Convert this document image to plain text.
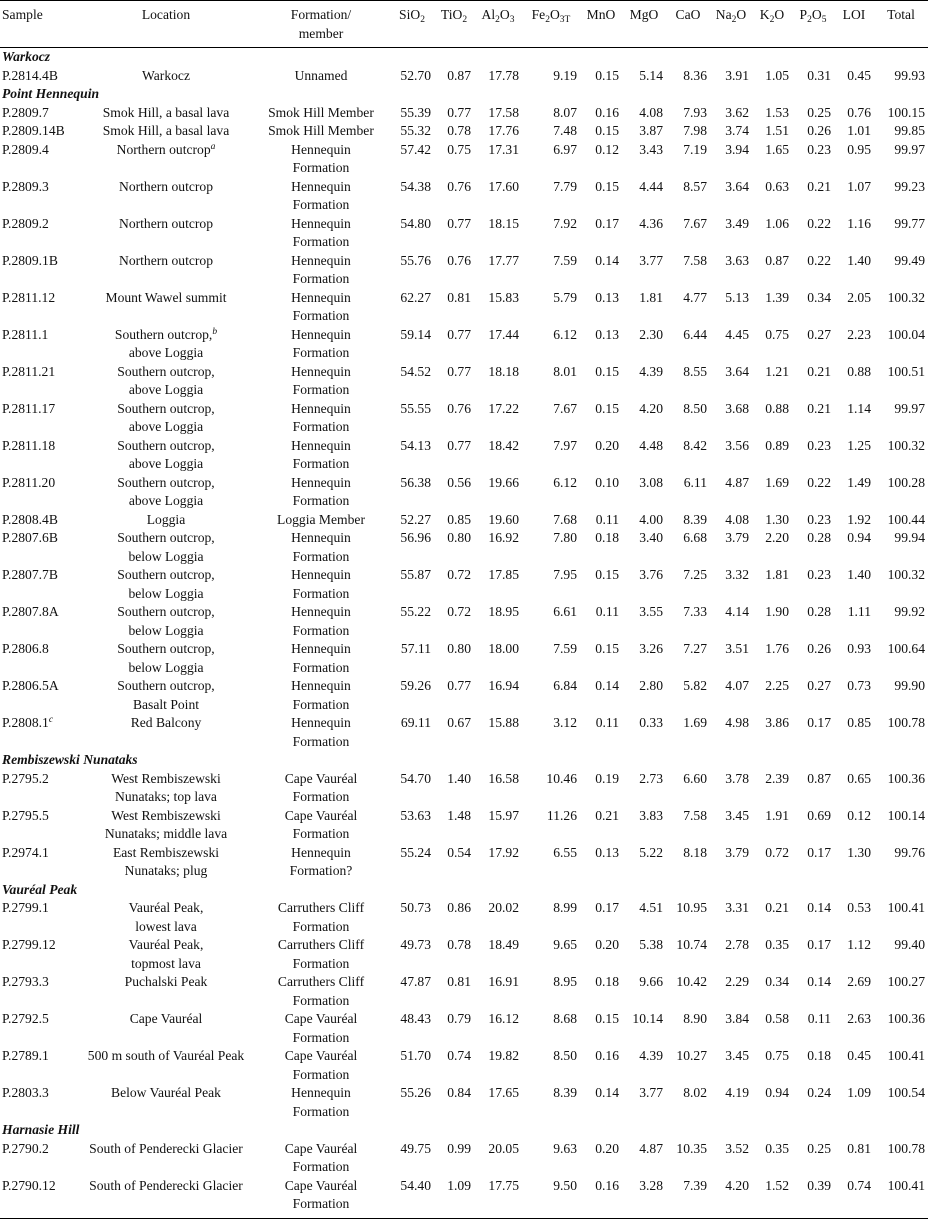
Sample	Location	Formation/
member	SiO$_2$	TiO$_2$	$Al_2O_3$	$Fe_2O_{3T}$	MnO	MgO	CaO	$Na_2O$	$K_2O$	$P_2O_5$	LOI	Total
Warkocz														
P.2814.4B	Warkocz	Unnamed	52.70	0.87	17.78	9.19	0.15	5.14	8.36	3.91	1.05	0.31	0.45	99.93
Point Hennequin														
P.2809.7	Smok Hill, a basal lava	Smok Hill Member	55.39	0.77	17.58	8.07	0.16	4.08	7.93	3.62	1.53	0.25	0.76	100.15
P.2809.14B	Smok Hill, a basal lava	Smok Hill Member	55.32	0.78	17.76	7.48	0.15	3.87	7.98	3.74	1.51	0.26	1.01	99.85
P.2809.4	Northern outcrop$^a$	Hennequin
Formation	57.42	0.75	17.31	6.97	0.12	3.43	7.19	3.94	1.65	0.23	0.95	99.97
P.2809.3	Northern outcrop	Hennequin
Formation	54.38	0.76	17.60	7.79	0.15	4.44	8.57	3.64	0.63	0.21	1.07	99.23
P.2809.2	Northern outcrop	Hennequin
Formation	54.80	0.77	18.15	7.92	0.17	4.36	7.67	3.49	1.06	0.22	1.16	99.77
P.2809.1B	Northern outcrop	Hennequin
Formation	55.76	0.76	17.77	7.59	0.14	3.77	7.58	3.63	0.87	0.22	1.40	99.49
P.2811.12	Mount Wawel summit	Hennequin
Formation	62.27	0.81	15.83	5.79	0.13	1.81	4.77	5.13	1.39	0.34	2.05	100.32
P.2811.1	Southern outcrop,$^b$
above Loggia	Hennequin
Formation	59.14	0.77	17.44	6.12	0.13	2.30	6.44	4.45	0.75	0.27	2.23	100.04
P.2811.21	Southern outcrop,
above Loggia	Hennequin
Formation	54.52	0.77	18.18	8.01	0.15	4.39	8.55	3.64	1.21	0.21	0.88	100.51
P.2811.17	Southern outcrop,
above Loggia	Hennequin
Formation	55.55	0.76	17.22	7.67	0.15	4.20	8.50	3.68	0.88	0.21	1.14	99.97
P.2811.18	Southern outcrop,
above Loggia	Hennequin
Formation	54.13	0.77	18.42	7.97	0.20	4.48	8.42	3.56	0.89	0.23	1.25	100.32
P.2811.20	Southern outcrop,
above Loggia	Hennequin
Formation	56.38	0.56	19.66	6.12	0.10	3.08	6.11	4.87	1.69	0.22	1.49	100.28
P.2808.4B	Loggia	Loggia Member	52.27	0.85	19.60	7.68	0.11	4.00	8.39	4.08	1.30	0.23	1.92	100.44
P.2807.6B	Southern outcrop,
below Loggia	Hennequin
Formation	56.96	0.80	16.92	7.80	0.18	3.40	6.68	3.79	2.20	0.28	0.94	99.94
P.2807.7B	Southern outcrop,
below Loggia	Hennequin
Formation	55.87	0.72	17.85	7.95	0.15	3.76	7.25	3.32	1.81	0.23	1.40	100.32
P.2807.8A	Southern outcrop,
below Loggia	Hennequin
Formation	55.22	0.72	18.95	6.61	0.11	3.55	7.33	4.14	1.90	0.28	1.11	99.92
P.2806.8	Southern outcrop,
below Loggia	Hennequin
Formation	57.11	0.80	18.00	7.59	0.15	3.26	7.27	3.51	1.76	0.26	0.93	100.64
P.2806.5A	Southern outcrop,
Basalt Point	Hennequin
Formation	59.26	0.77	16.94	6.84	0.14	2.80	5.82	4.07	2.25	0.27	0.73	99.90
P.2808.1$^c$	Red Balcony	Hennequin
Formation	69.11	0.67	15.88	3.12	0.11	0.33	1.69	4.98	3.86	0.17	0.85	100.78
Rembiszewski Nunataks														
P.2795.2	West Rembiszewski
Nunataks; top lava	Cape Vauréal
Formation	54.70	1.40	16.58	10.46	0.19	2.73	6.60	3.78	2.39	0.87	0.65	100.36
P.2795.5	West Rembiszewski
Nunataks; middle lava	Cape Vauréal
Formation	53.63	1.48	15.97	11.26	0.21	3.83	7.58	3.45	1.91	0.69	0.12	100.14
P.2974.1	East Rembiszewski
Nunataks; plug	Hennequin
Formation?	55.24	0.54	17.92	6.55	0.13	5.22	8.18	3.79	0.72	0.17	1.30	99.76
Vauréal Peak														
P.2799.1	Vauréal Peak,
lowest lava	Carruthers Cliff
Formation	50.73	0.86	20.02	8.99	0.17	4.51	10.95	3.31	0.21	0.14	0.53	100.41
P.2799.12	Vauréal Peak,
topmost lava	Carruthers Cliff
Formation	49.73	0.78	18.49	9.65	0.20	5.38	10.74	2.78	0.35	0.17	1.12	99.40
P.2793.3	Puchalski Peak	Carruthers Cliff
Formation	47.87	0.81	16.91	8.95	0.18	9.66	10.42	2.29	0.34	0.14	2.69	100.27
P.2792.5	Cape Vauréal	Cape Vauréal
Formation	48.43	0.79	16.12	8.68	0.15	10.14	8.90	3.84	0.58	0.11	2.63	100.36
P.2789.1	500 m south of Vauréal Peak	Cape Vauréal
Formation	51.70	0.74	19.82	8.50	0.16	4.39	10.27	3.45	0.75	0.18	0.45	100.41
P.2803.3	Below Vauréal Peak	Hennequin
Formation	55.26	0.84	17.65	8.39	0.14	3.77	8.02	4.19	0.94	0.24	1.09	100.54
Harnasie Hill														
P.2790.2	South of Penderecki Glacier	Cape Vauréal
Formation	49.75	0.99	20.05	9.63	0.20	4.87	10.35	3.52	0.35	0.25	0.81	100.78
P.2790.12	South of Penderecki Glacier	Cape Vauréal
Formation	54.40	1.09	17.75	9.50	0.16	3.28	7.39	4.20	1.52	0.39	0.74	100.41
